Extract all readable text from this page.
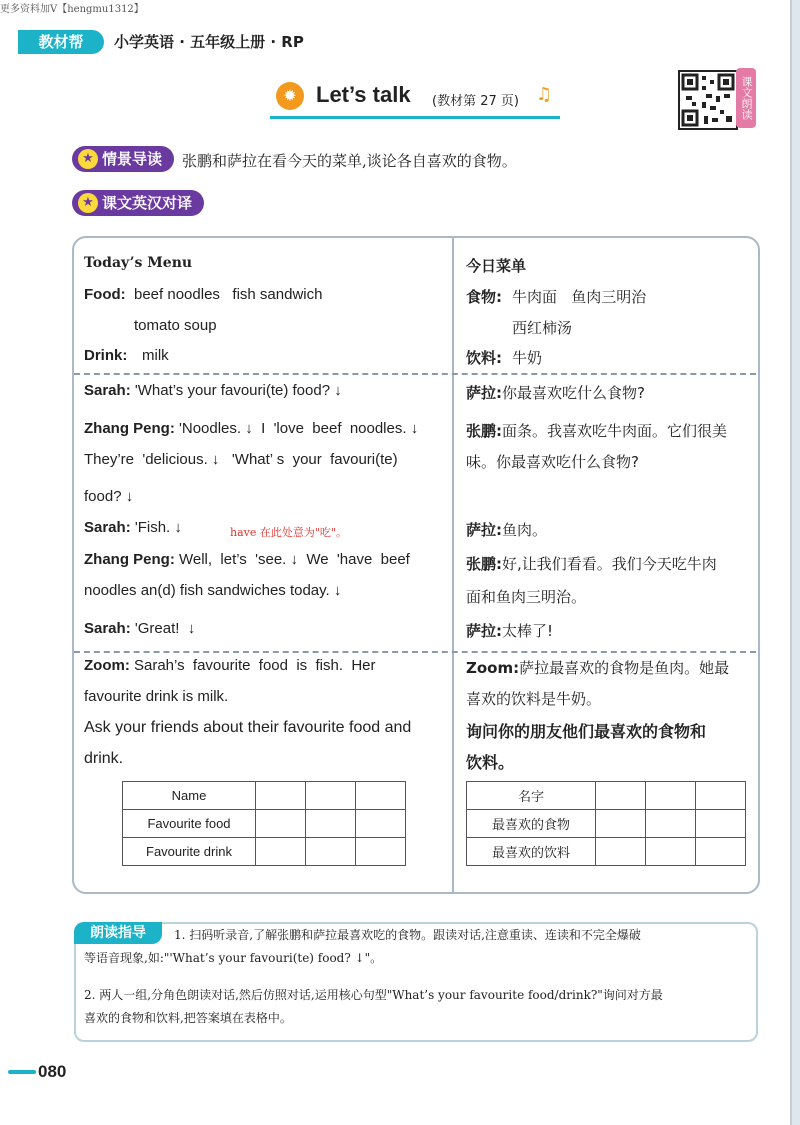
更多资料加V【hengmu1312】
教材帮	小学英语 · 五年级上册 · RP
✹ Let’s talk (教材第 27 页) ♫	课文朗读
情景导读
★	张鹏和萨拉在看今天的菜单,谈论各自喜欢的食物。
课文英汉对译
★
Today’s Menu
Food: beef noodles   fish sandwich
tomato soup
Drink: milk
今日菜单
食物: 牛肉面   鱼肉三明治
西红柿汤
饮料: 牛奶
Sarah: 'What’s your favouri(te) food? ↓
Zhang Peng: 'Noodles. ↓  I  'love  beef  noodles. ↓
They’re  'delicious. ↓   'What’ s  your  favouri(te)
food? ↓
Sarah: 'Fish. ↓	have 在此处意为"吃"。
Zhang Peng: Well,  let’s  'see. ↓  We  'have  beef
noodles an(d) fish sandwiches today. ↓
Sarah: 'Great!  ↓
萨拉:你最喜欢吃什么食物?
张鹏:面条。我喜欢吃牛肉面。它们很美
味。你最喜欢吃什么食物?
萨拉:鱼肉。
张鹏:好,让我们看看。我们今天吃牛肉
面和鱼肉三明治。
萨拉:太棒了!
Zoom: Sarah’s  favourite  food  is  fish.  Her
favourite drink is milk.
Ask your friends about their favourite food and
drink.
Zoom:萨拉最喜欢的食物是鱼肉。她最
喜欢的饮料是牛奶。
询问你的朋友他们最喜欢的食物和
饮料。
Name			
Favourite food			
Favourite drink			
名字			
最喜欢的食物			
最喜欢的饮料			
朗读指导	1. 扫码听录音,了解张鹏和萨拉最喜欢吃的食物。跟读对话,注意重读、连读和不完全爆破
等语音现象,如:"'What’s your favouri(te) food? ↓"。
2. 两人一组,分角色朗读对话,然后仿照对话,运用核心句型"What’s your favourite food/drink?"询问对方最
喜欢的食物和饮料,把答案填在表格中。
080
